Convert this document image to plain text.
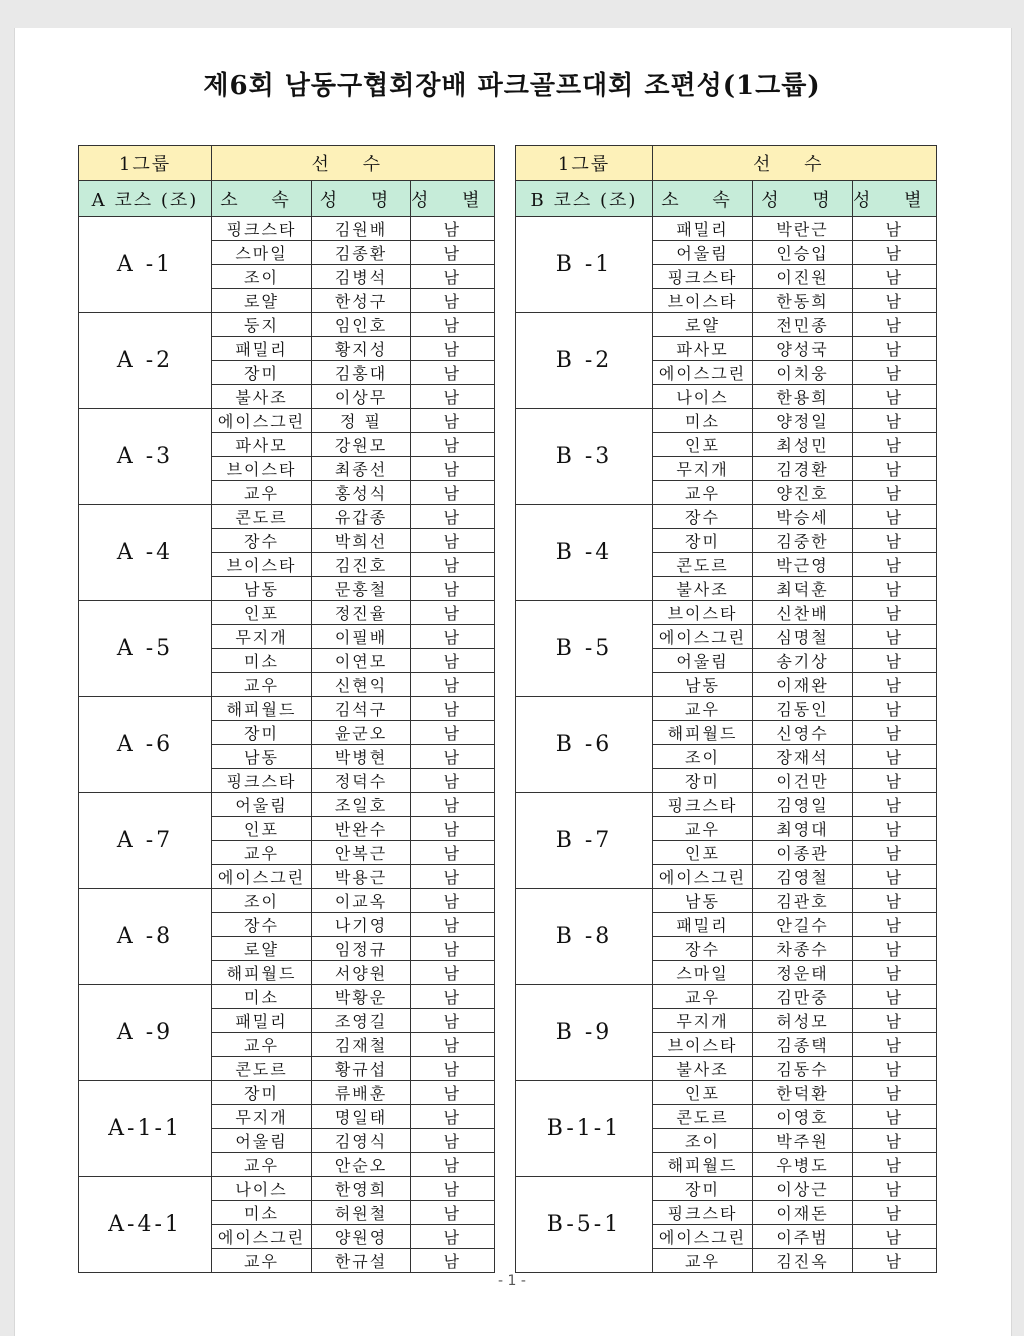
제6회 남동구협회장배 파크골프대회 조편성(1그룹)
1그룹	선 수		
A 코스 (조)	소 속	성 명	성 별
A -1	핑크스타	김원배	남
	스마일	김종환	남
	조이	김병석	남
	로얄	한성구	남
A -2	둥지	임인호	남
	패밀리	황지성	남
	장미	김홍대	남
	불사조	이상무	남
A -3	에이스그린	정 필	남
	파사모	강원모	남
	브이스타	최종선	남
	교우	홍성식	남
A -4	콘도르	유갑종	남
	장수	박희선	남
	브이스타	김진호	남
	남동	문홍철	남
A -5	인포	정진율	남
	무지개	이필배	남
	미소	이연모	남
	교우	신현익	남
A -6	해피월드	김석구	남
	장미	윤군오	남
	남동	박병현	남
	핑크스타	정덕수	남
A -7	어울림	조일호	남
	인포	반완수	남
	교우	안복근	남
	에이스그린	박용근	남
A -8	조이	이교옥	남
	장수	나기영	남
	로얄	임정규	남
	해피월드	서양원	남
A -9	미소	박황운	남
	패밀리	조영길	남
	교우	김재철	남
	콘도르	황규섭	남
A-1-1	장미	류배훈	남
	무지개	명일태	남
	어울림	김영식	남
	교우	안순오	남
A-4-1	나이스	한영희	남
	미소	허원철	남
	에이스그린	양원영	남
	교우	한규설	남
1그룹	선 수		
B 코스 (조)	소 속	성 명	성 별
B -1	패밀리	박란근	남
	어울림	인승입	남
	핑크스타	이진원	남
	브이스타	한동희	남
B -2	로얄	전민종	남
	파사모	양성국	남
	에이스그린	이치웅	남
	나이스	한용희	남
B -3	미소	양정일	남
	인포	최성민	남
	무지개	김경환	남
	교우	양진호	남
B -4	장수	박승세	남
	장미	김중한	남
	콘도르	박근영	남
	불사조	최덕훈	남
B -5	브이스타	신찬배	남
	에이스그린	심명철	남
	어울림	송기상	남
	남동	이재완	남
B -6	교우	김동인	남
	해피월드	신영수	남
	조이	장재석	남
	장미	이건만	남
B -7	핑크스타	김영일	남
	교우	최영대	남
	인포	이종관	남
	에이스그린	김영철	남
B -8	남동	김관호	남
	패밀리	안길수	남
	장수	차종수	남
	스마일	정운태	남
B -9	교우	김만중	남
	무지개	허성모	남
	브이스타	김종택	남
	불사조	김동수	남
B-1-1	인포	한덕환	남
	콘도르	이영호	남
	조이	박주원	남
	해피월드	우병도	남
B-5-1	장미	이상근	남
	핑크스타	이재돈	남
	에이스그린	이주범	남
	교우	김진옥	남
- 1 -
